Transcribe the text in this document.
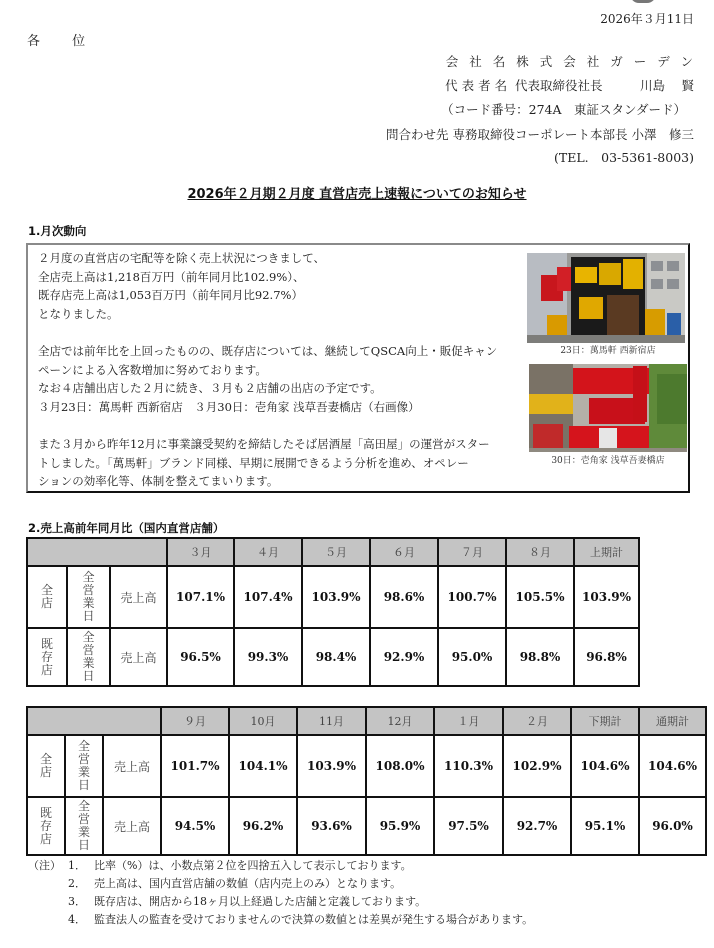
2026年３月11日
各 位
会社名株式会社ガーデン
代 表 者 名  代表取締役社長　　　川島　 賢
（コード番号：274A　東証スタンダード）
問合わせ先 専務取締役コーポレート本部長 小澤　修三
(TEL.　03-5361-8003)
2026年２月期２月度 直営店売上速報についてのお知らせ
1.月次動向

２月度の直営店の宅配等を除く売上状況につきまして、

全店売上高は1,218百万円（前年同月比102.9%）、

既存店売上高は1,053百万円（前年同月比92.7%）

となりました。

全店では前年比を上回ったものの、既存店については、継続してQSCA向上・販促キャン

ペーンによる入客数増加に努めております。

なお４店舗出店した２月に続き、３月も２店舗の出店の予定です。

３月23日：萬馬軒 西新宿店　３月30日：壱角家 浅草吾妻橋店（右画像）

また３月から昨年12月に事業譲受契約を締結したそば居酒屋「高田屋」の運営がスター

トしました。「萬馬軒」ブランド同様、早期に展開できるよう分析を進め、オペレー

ションの効率化等、体制を整えてまいります。

23日：萬馬軒 西新宿店
30日：壱角家 浅草吾妻橋店
2.売上高前年同月比（国内直営店舗）
			３月	４月	５月	６月	７月	８月	上期計
全店	全営業日	売上高	107.1%	107.4%	103.9%	98.6%	100.7%	105.5%	103.9%
既存店	全営業日	売上高	96.5%	99.3%	98.4%	92.9%	95.0%	98.8%	96.8%
			９月	10月	11月	12月	１月	２月	下期計	通期計
全店	全営業日	売上高	101.7%	104.1%	103.9%	108.0%	110.3%	102.9%	104.6%	104.6%
既存店	全営業日	売上高	94.5%	96.2%	93.6%	95.9%	97.5%	92.7%	95.1%	96.0%
（注） 1． 比率（%）は、小数点第２位を四捨五入して表示しております。
2． 売上高は、国内直営店舗の数値（店内売上のみ）となります。
3． 既存店は、開店から18ヶ月以上経過した店舗と定義しております。
4． 監査法人の監査を受けておりませんので決算の数値とは差異が発生する場合があります。
